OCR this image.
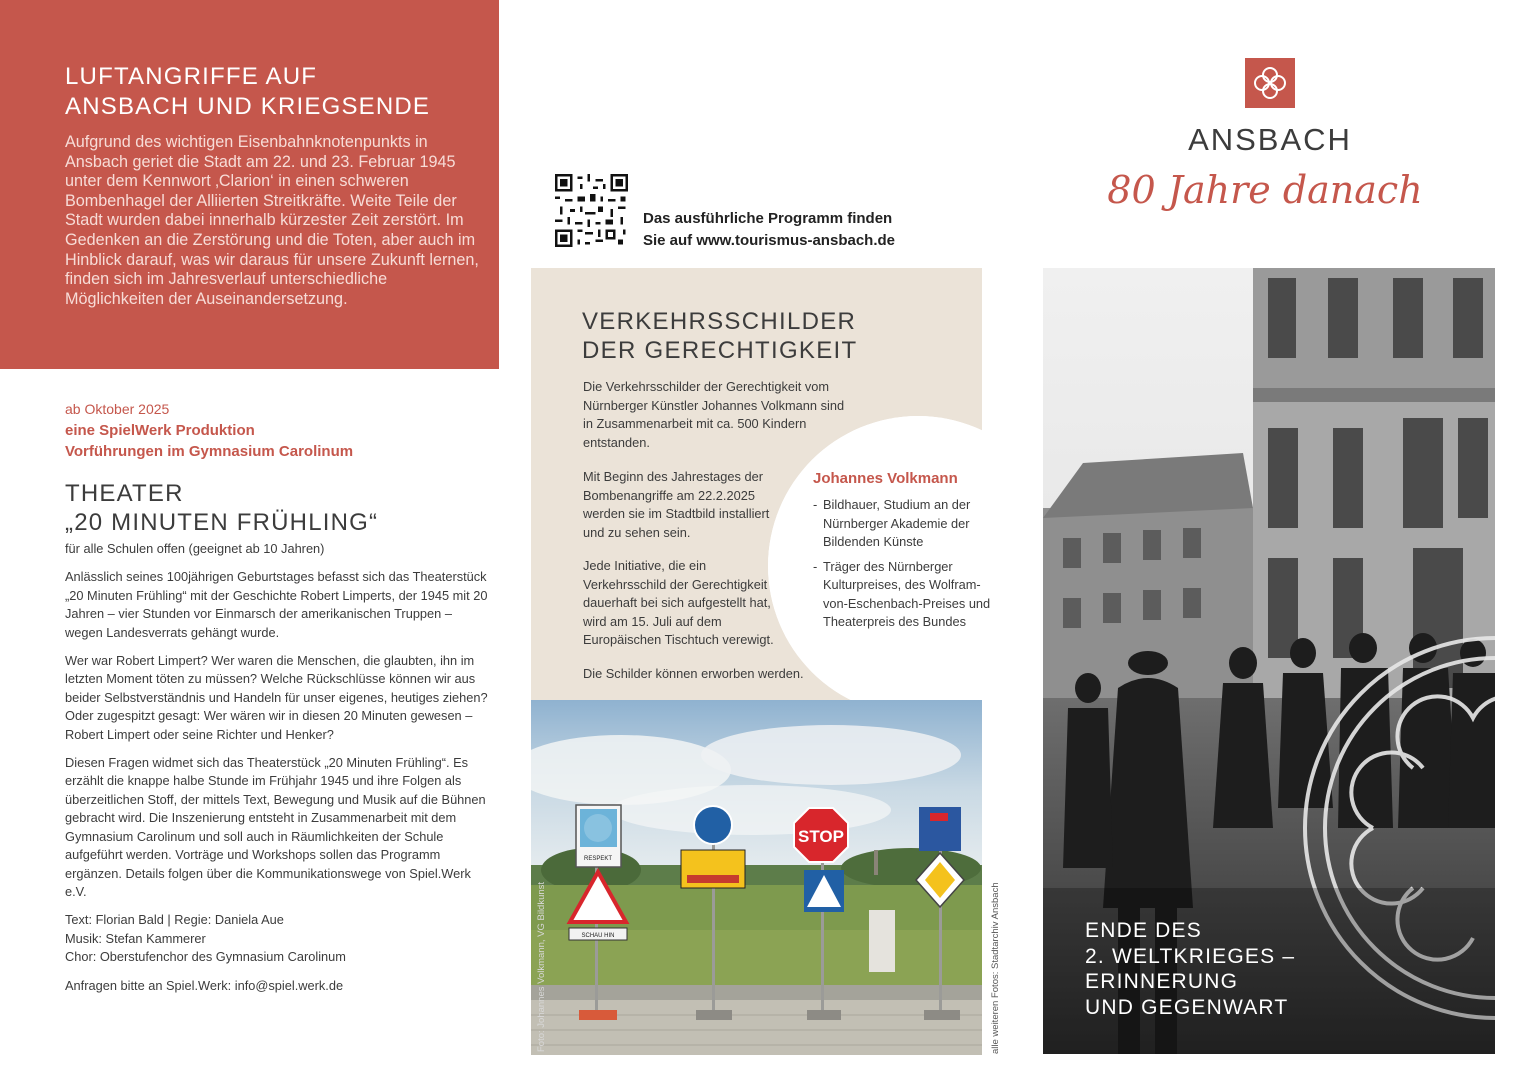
LUFTANGRIFFE AUF
ANSBACH UND KRIEGSENDE

Aufgrund des wichtigen Eisenbahnknotenpunkts in Ansbach geriet die Stadt am 22. und 23. Februar 1945 unter dem Kennwort ‚Clarion‘ in einen schweren Bombenhagel der Alliierten Streitkräfte. Weite Teile der Stadt wurden dabei innerhalb kürzester Zeit zerstört. Im Gedenken an die Zerstörung und die Toten, aber auch im Hinblick darauf, was wir daraus für unsere Zukunft lernen, finden sich im Jahresverlauf unterschiedliche Möglichkeiten der Auseinandersetzung.

ab Oktober 2025
eine SpielWerk Produktion
Vorführungen im Gymnasium Carolinum
THEATER
„20 MINUTEN FRÜHLING“

für alle Schulen offen (geeignet ab 10 Jahren)

Anlässlich seines 100jährigen Geburtstages befasst sich das Theaterstück „20 Minuten Frühling“ mit der Geschichte Robert Limperts, der 1945 mit 20 Jahren – vier Stunden vor Einmarsch der amerikanischen Truppen – wegen Landesverrats gehängt wurde.

Wer war Robert Limpert? Wer waren die Menschen, die glaubten, ihn im letzten Moment töten zu müssen? Welche Rückschlüsse können wir aus beider Selbstverständnis und Handeln für unser eigenes, heutiges ziehen? Oder zugespitzt gesagt: Wer wären wir in diesen 20 Minuten gewesen – Robert Limpert oder seine Richter und Henker?

Diesen Fragen widmet sich das Theaterstück „20 Minuten Frühling“. Es erzählt die knappe halbe Stunde im Frühjahr 1945 und ihre Folgen als überzeitlichen Stoff, der mittels Text, Bewegung und Musik auf die Bühnen gebracht wird. Die Inszenierung entsteht in Zusammenarbeit mit dem Gymnasium Carolinum und soll auch in Räumlichkeiten der Schule aufgeführt werden. Vorträge und Workshops sollen das Programm ergänzen. Details folgen über die Kommunikationswege von Spiel.Werk e.V.

Text: Florian Bald | Regie: Daniela Aue
Musik: Stefan Kammerer
Chor: Oberstufenchor des Gymnasium Carolinum

Anfragen bitte an Spiel.Werk: info@spiel.werk.de

Das ausführliche Programm finden
Sie auf www.tourismus-ansbach.de
VERKEHRSSCHILDER
DER GERECHTIGKEIT

Die Verkehrsschilder der Gerechtigkeit vom Nürnberger Künstler Johannes Volkmann sind in Zusammenarbeit mit ca. 500 Kindern entstanden.

Mit Beginn des Jahrestages der Bombenangriffe am 22.2.2025 werden sie im Stadtbild installiert und zu sehen sein.

Jede Initiative, die ein Verkehrsschild der Gerechtigkeit dauerhaft bei sich aufgestellt hat, wird am 15. Juli auf dem Europäischen Tischtuch verewigt.

Die Schilder können erworben werden.

Johannes Volkmann
- Bildhauer, Studium an der Nürnberger Akademie der Bildenden Künste
- Träger des Nürnberger Kulturpreises, des Wolfram-von-Eschenbach-Preises und Theaterpreis des Bundes
RESPEKT
STOP
SCHAU HIN
Foto: Johannes Volkmann, VG Bildkunst	alle weiteren Fotos: Stadtarchiv Ansbach
ANSBACH
80 Jahre danach
ENDE DES
2. WELTKRIEGES –
ERINNERUNG
UND GEGENWART
